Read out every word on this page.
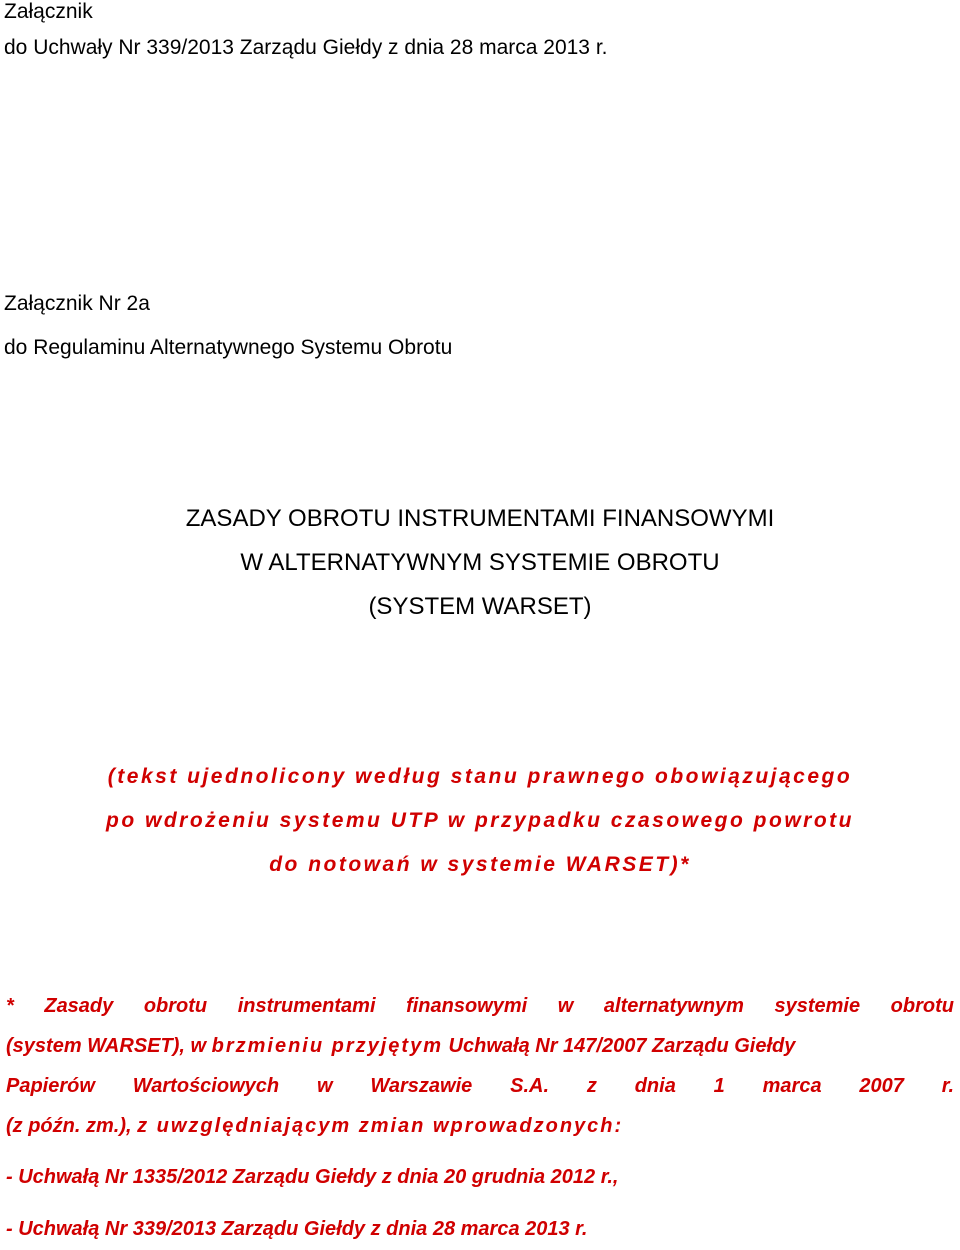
Załącznik
do Uchwały Nr 339/2013 Zarządu Giełdy z dnia 28 marca 2013 r.
Załącznik Nr 2a
do Regulaminu Alternatywnego Systemu Obrotu
ZASADY OBROTU INSTRUMENTAMI FINANSOWYMI
W ALTERNATYWNYM SYSTEMIE OBROTU
(SYSTEM WARSET)
(tekst ujednolicony według stanu prawnego obowiązującego
po wdrożeniu systemu UTP w przypadku czasowego powrotu
do notowań w systemie WARSET)*
* Zasady obrotu instrumentami finansowymi w alternatywnym systemie obrotu
(system WARSET), w brzmieniu przyjętym Uchwałą Nr 147/2007 Zarządu Giełdy
Papierów Wartościowych w Warszawie S.A. z dnia 1 marca 2007 r.
(z późn. zm.), z uwzględniającym zmian wprowadzonych:
- Uchwałą Nr 1335/2012 Zarządu Giełdy z dnia 20 grudnia 2012 r.,
- Uchwałą Nr 339/2013 Zarządu Giełdy z dnia 28 marca 2013 r.
